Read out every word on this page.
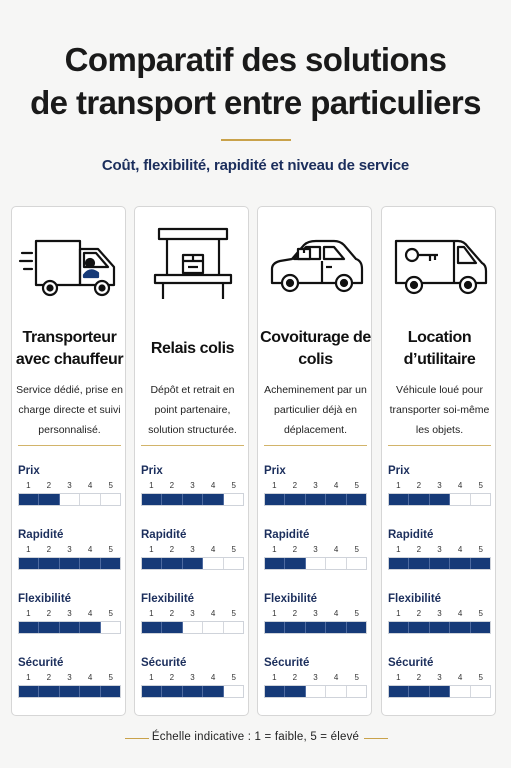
Comparatif des solutions
de transport entre particuliers
Coût, flexibilité, rapidité et niveau de service
Transporteur avec chauffeur
Service dédié, prise en charge directe et suivi personnalisé.
Prix
1	2	3	4	5
Rapidité
1	2	3	4	5
Flexibilité
1	2	3	4	5
Sécurité
1	2	3	4	5
Relais colis
Dépôt et retrait en point partenaire, solution structurée.
Prix
1	2	3	4	5
Rapidité
1	2	3	4	5
Flexibilité
1	2	3	4	5
Sécurité
1	2	3	4	5
Covoiturage de colis
Acheminement par un particulier déjà en déplacement.
Prix
1	2	3	4	5
Rapidité
1	2	3	4	5
Flexibilité
1	2	3	4	5
Sécurité
1	2	3	4	5
Location d’utilitaire
Véhicule loué pour transporter soi-même les objets.
Prix
1	2	3	4	5
Rapidité
1	2	3	4	5
Flexibilité
1	2	3	4	5
Sécurité
1	2	3	4	5
Échelle indicative : 1 = faible, 5 = élevé
